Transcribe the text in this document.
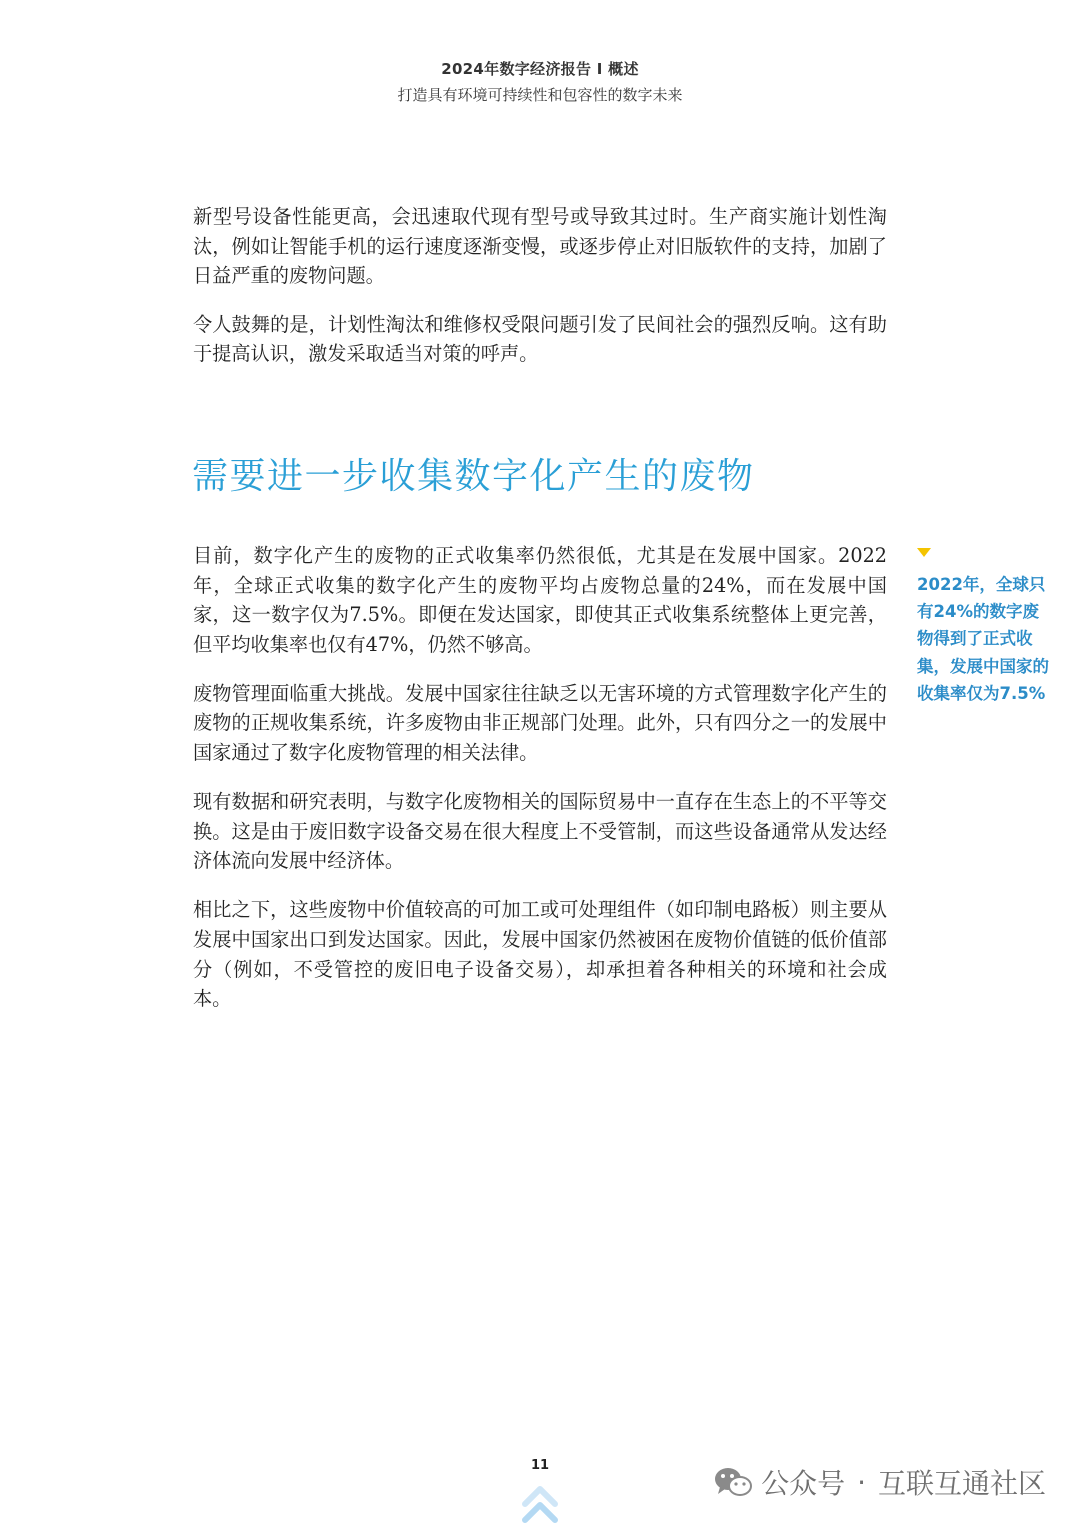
2024年数字经济报告 I 概述
打造具有环境可持续性和包容性的数字未来

新型号设备性能更高，会迅速取代现有型号或导致其过时。生产商实施计划性淘汰，例如让智能手机的运行速度逐渐变慢，或逐步停止对旧版软件的支持，加剧了日益严重的废物问题。

令人鼓舞的是，计划性淘汰和维修权受限问题引发了民间社会的强烈反响。这有助于提高认识，激发采取适当对策的呼声。

需要进一步收集数字化产生的废物

目前，数字化产生的废物的正式收集率仍然很低，尤其是在发展中国家。2022年，全球正式收集的数字化产生的废物平均占废物总量的24%，而在发展中国家，这一数字仅为7.5%。即便在发达国家，即使其正式收集系统整体上更完善，但平均收集率也仅有47%，仍然不够高。

废物管理面临重大挑战。发展中国家往往缺乏以无害环境的方式管理数字化产生的废物的正规收集系统，许多废物由非正规部门处理。此外，只有四分之一的发展中国家通过了数字化废物管理的相关法律。

现有数据和研究表明，与数字化废物相关的国际贸易中一直存在生态上的不平等交换。这是由于废旧数字设备交易在很大程度上不受管制，而这些设备通常从发达经济体流向发展中经济体。

相比之下，这些废物中价值较高的可加工或可处理组件（如印制电路板）则主要从发展中国家出口到发达国家。因此，发展中国家仍然被困在废物价值链的低价值部分（例如，不受管控的废旧电子设备交易），却承担着各种相关的环境和社会成本。

2022年，全球只有24%的数字废物得到了正式收集，发展中国家的收集率仅为7.5%

11
公众号 · 互联互通社区
